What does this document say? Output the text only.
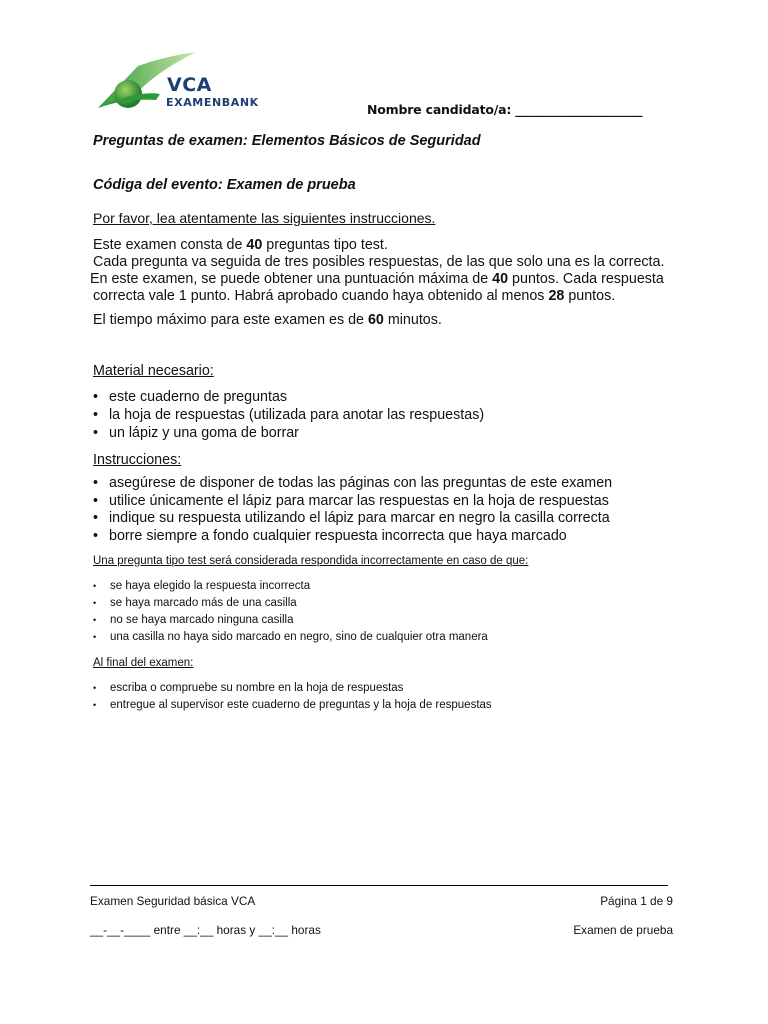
VCA
EXAMENBANK	Nombre candidato/a: _____________________
Preguntas de examen: Elementos Básicos de Seguridad
Códiga del evento: Examen de prueba
Por favor, lea atentamente las siguientes instrucciones.
Este examen consta de 40 preguntas tipo test.
Cada pregunta va seguida de tres posibles respuestas, de las que solo una es la correcta.
En este examen, se puede obtener una puntuación máxima de 40 puntos. Cada respuesta
correcta vale 1 punto. Habrá aprobado cuando haya obtenido al menos 28 puntos.
El tiempo máximo para este examen es de 60 minutos.
Material necesario:
• este cuaderno de preguntas
• la hoja de respuestas (utilizada para anotar las respuestas)
• un lápiz y una goma de borrar
Instrucciones:
• asegúrese de disponer de todas las páginas con las preguntas de este examen
• utilice únicamente el lápiz para marcar las respuestas en la hoja de respuestas
• indique su respuesta utilizando el lápiz para marcar en negro la casilla correcta
• borre siempre a fondo cualquier respuesta incorrecta que haya marcado
Una pregunta tipo test será considerada respondida incorrectamente en caso de que:
• se haya elegido la respuesta incorrecta
• se haya marcado más de una casilla
• no se haya marcado ninguna casilla
• una casilla no haya sido marcado en negro, sino de cualquier otra manera
Al final del examen:
• escriba o compruebe su nombre en la hoja de respuestas
• entregue al supervisor este cuaderno de preguntas y la hoja de respuestas
Examen Seguridad básica VCA	Página 1 de 9
__-__-____ entre __:__ horas y __:__ horas	Examen de prueba
